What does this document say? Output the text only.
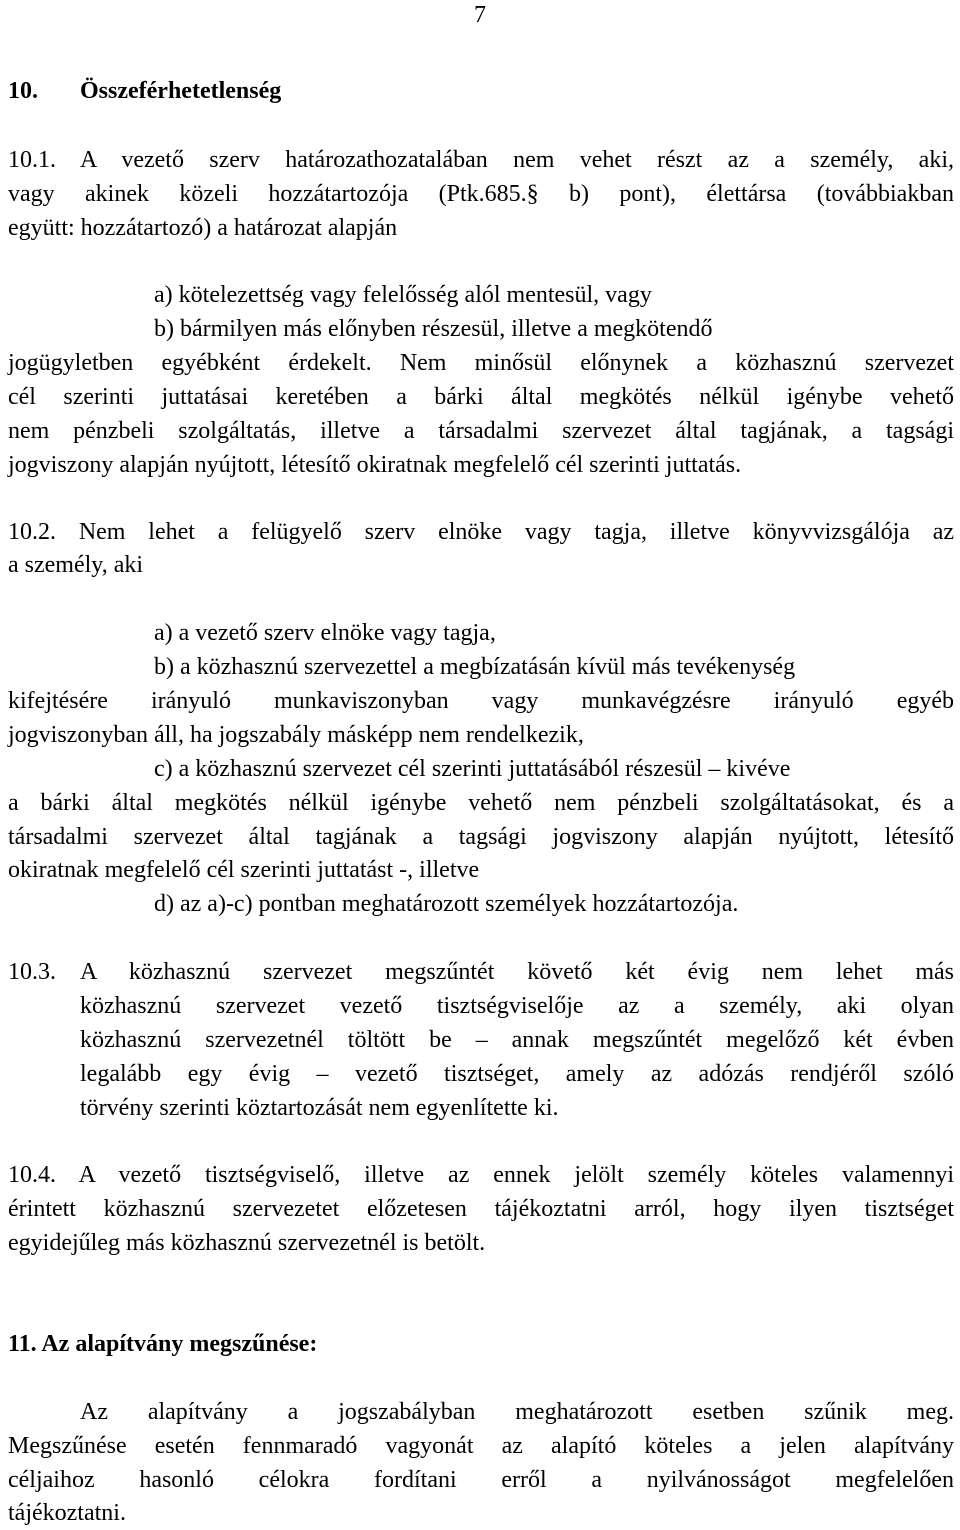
7
10. Összeférhetetlenség
10.1. A vezető szerv határozathozatalában nem vehet részt az a személy, aki,
vagy akinek közeli hozzátartozója (Ptk.685.§ b) pont), élettársa (továbbiakban
együtt: hozzátartozó) a határozat alapján
a) kötelezettség vagy felelősség alól mentesül, vagy
b) bármilyen más előnyben részesül, illetve a megkötendő
jogügyletben egyébként érdekelt. Nem minősül előnynek a közhasznú szervezet
cél szerinti juttatásai keretében a bárki által megkötés nélkül igénybe vehető
nem pénzbeli szolgáltatás, illetve a társadalmi szervezet által tagjának, a tagsági
jogviszony alapján nyújtott, létesítő okiratnak megfelelő cél szerinti juttatás.
10.2. Nem lehet a felügyelő szerv elnöke vagy tagja, illetve könyvvizsgálója az
a személy, aki
a) a vezető szerv elnöke vagy tagja,
b) a közhasznú szervezettel a megbízatásán kívül más tevékenység
kifejtésére irányuló munkaviszonyban vagy munkavégzésre irányuló egyéb
jogviszonyban áll, ha jogszabály másképp nem rendelkezik,
c) a közhasznú szervezet cél szerinti juttatásából részesül – kivéve
a bárki által megkötés nélkül igénybe vehető nem pénzbeli szolgáltatásokat, és a
társadalmi szervezet által tagjának a tagsági jogviszony alapján nyújtott, létesítő
okiratnak megfelelő cél szerinti juttatást -, illetve
d) az a)-c) pontban meghatározott személyek hozzátartozója.
10.3. A közhasznú szervezet megszűntét követő két évig nem lehet más
közhasznú szervezet vezető tisztségviselője az a személy, aki olyan
közhasznú szervezetnél töltött be – annak megszűntét megelőző két évben
legalább egy évig – vezető tisztséget, amely az adózás rendjéről szóló
törvény szerinti köztartozását nem egyenlítette ki.
10.4. A vezető tisztségviselő, illetve az ennek jelölt személy köteles valamennyi
érintett közhasznú szervezetet előzetesen tájékoztatni arról, hogy ilyen tisztséget
egyidejűleg más közhasznú szervezetnél is betölt.
11. Az alapítvány megszűnése:
Az alapítvány a jogszabályban meghatározott esetben szűnik meg.
Megszűnése esetén fennmaradó vagyonát az alapító köteles a jelen alapítvány
céljaihoz hasonló célokra fordítani erről a nyilvánosságot megfelelően
tájékoztatni.
